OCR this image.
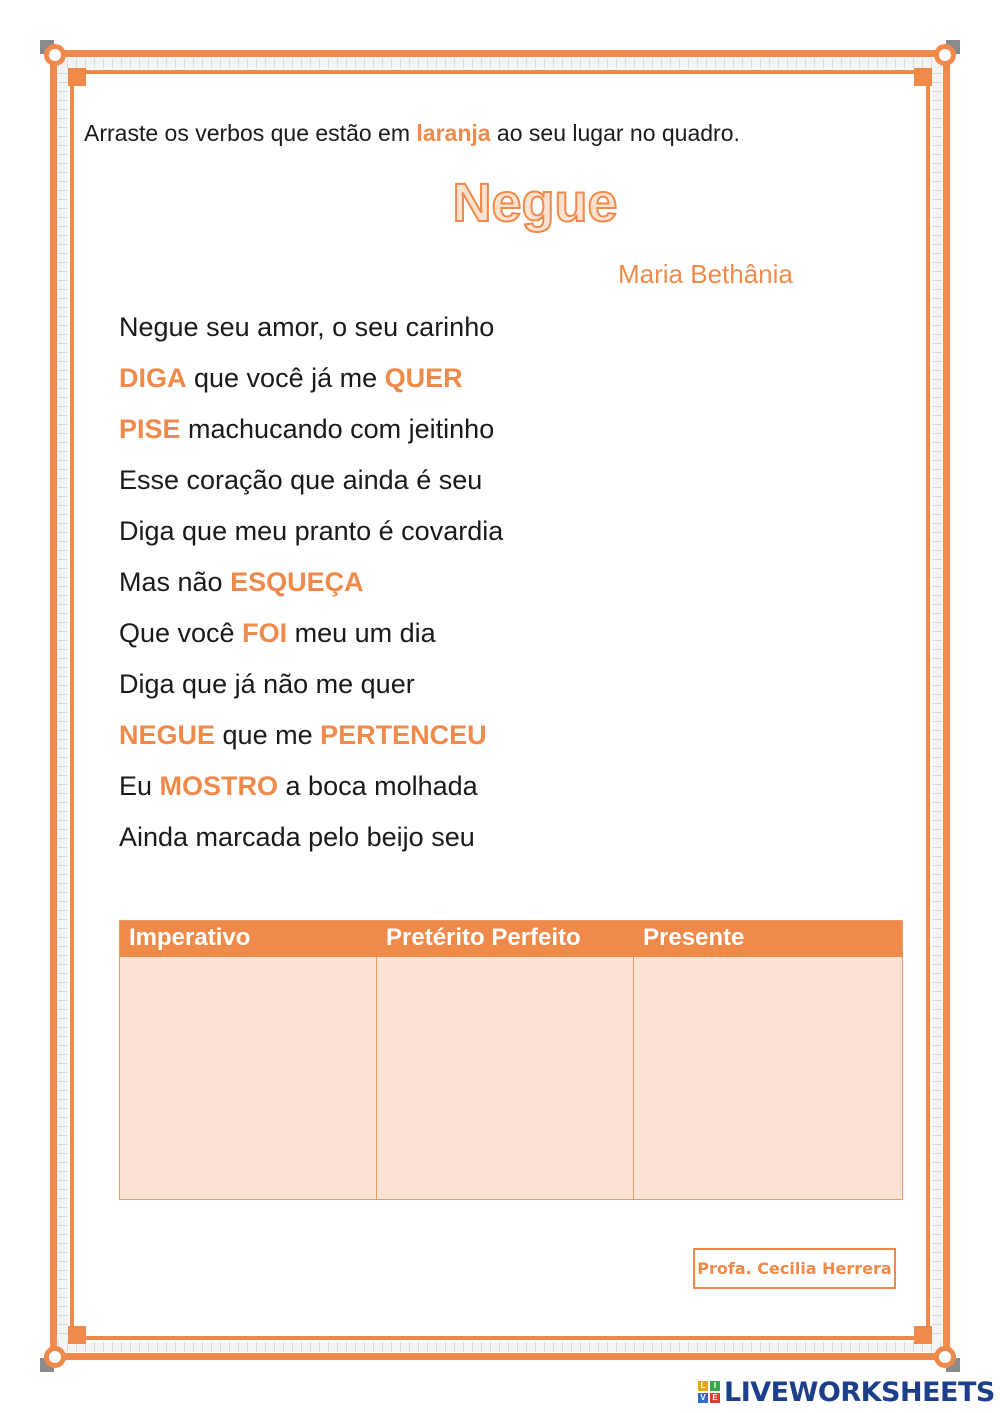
Arraste os verbos que estão em laranja ao seu lugar no quadro.
Negue
Maria Bethânia
Negue seu amor, o seu carinho
DIGA que você já me QUER
PISE machucando com jeitinho
Esse coração que ainda é seu
Diga que meu pranto é covardia
Mas não ESQUEÇA
Que você FOI meu um dia
Diga que já não me quer
NEGUE que me PERTENCEU
Eu MOSTRO a boca molhada
Ainda marcada pelo beijo seu
Imperativo	Pretérito Perfeito	Presente
Profa. Cecilia Herrera
L	I
V E LIVEWORKSHEETS
